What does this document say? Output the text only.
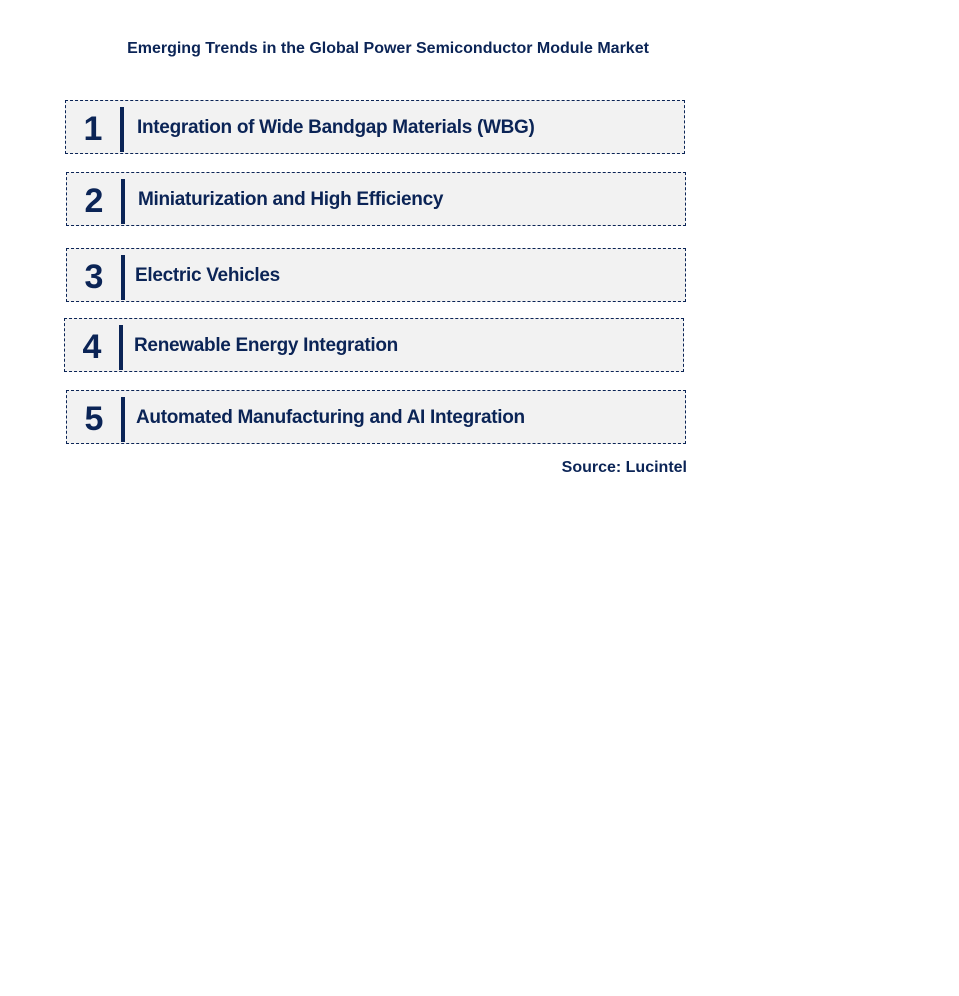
Emerging Trends in the Global Power Semiconductor Module Market
1	Integration of Wide Bandgap Materials (WBG)
2	Miniaturization and High Efficiency
3	Electric Vehicles
4	Renewable Energy Integration
5	Automated Manufacturing and AI Integration
Source: Lucintel
